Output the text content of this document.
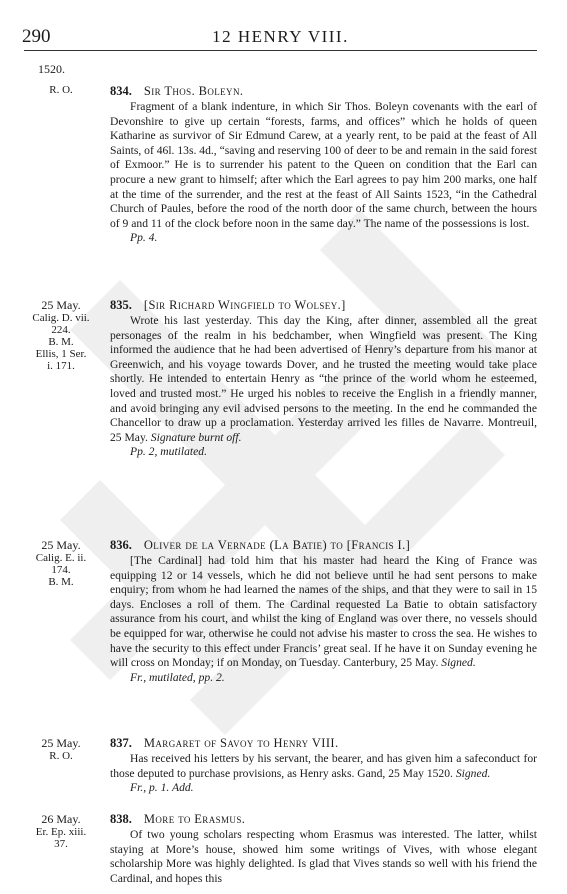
290	12 HENRY VIII.
1520.
R. O.	834. Sir Thos. Boleyn.
Fragment of a blank indenture, in which Sir Thos. Boleyn covenants with the earl of Devonshire to give up certain “forests, farms, and offices” which he holds of queen Katharine as survivor of Sir Edmund Carew, at a yearly rent, to be paid at the feast of All Saints, of 46l. 13s. 4d., “saving and reserving 100 of deer to be and remain in the said forest of Exmoor.” He is to surrender his patent to the Queen on condition that the Earl can procure a new grant to himself; after which the Earl agrees to pay him 200 marks, one half at the time of the surrender, and the rest at the feast of All Saints 1523, “in the Cathedral Church of Paules, before the rood of the north door of the same church, between the hours of 9 and 11 of the clock before noon in the same day.” The name of the possessions is lost.
Pp. 4.
25 May.
Calig. D. vii.
224.
B. M.
Ellis, 1 Ser.
i. 171.
835. [Sir Richard Wingfield to Wolsey.]
Wrote his last yesterday. This day the King, after dinner, assembled all the great personages of the realm in his bedchamber, when Wingfield was present. The King informed the audience that he had been advertised of Henry’s departure from his manor at Greenwich, and his voyage towards Dover, and he trusted the meeting would take place shortly. He intended to entertain Henry as “the prince of the world whom he esteemed, loved and trusted most.” He urged his nobles to receive the English in a friendly manner, and avoid bringing any evil advised persons to the meeting. In the end he commanded the Chancellor to draw up a proclamation. Yesterday arrived les filles de Navarre. Montreuil, 25 May. Signature burnt off.
Pp. 2, mutilated.
25 May.
Calig. E. ii.
174.
B. M.
836. Oliver de la Vernade (La Batie) to [Francis I.]
[The Cardinal] had told him that his master had heard the King of France was equipping 12 or 14 vessels, which he did not believe until he had sent persons to make enquiry; from whom he had learned the names of the ships, and that they were to sail in 15 days. Encloses a roll of them. The Cardinal requested La Batie to obtain satisfactory assurance from his court, and whilst the king of England was over there, no vessels should be equipped for war, otherwise he could not advise his master to cross the sea. He wishes to have the security to this effect under Francis’ great seal. If he have it on Sunday evening he will cross on Monday; if on Monday, on Tuesday. Canterbury, 25 May. Signed.
Fr., mutilated, pp. 2.
25 May.
R. O.
837. Margaret of Savoy to Henry VIII.
Has received his letters by his servant, the bearer, and has given him a safeconduct for those deputed to purchase provisions, as Henry asks. Gand, 25 May 1520. Signed.
Fr., p. 1. Add.
26 May.
Er. Ep. xiii.
37.
838. More to Erasmus.
Of two young scholars respecting whom Erasmus was interested. The latter, whilst staying at More’s house, showed him some writings of Vives, with whose elegant scholarship More was highly delighted. Is glad that Vives stands so well with his friend the Cardinal, and hopes this
